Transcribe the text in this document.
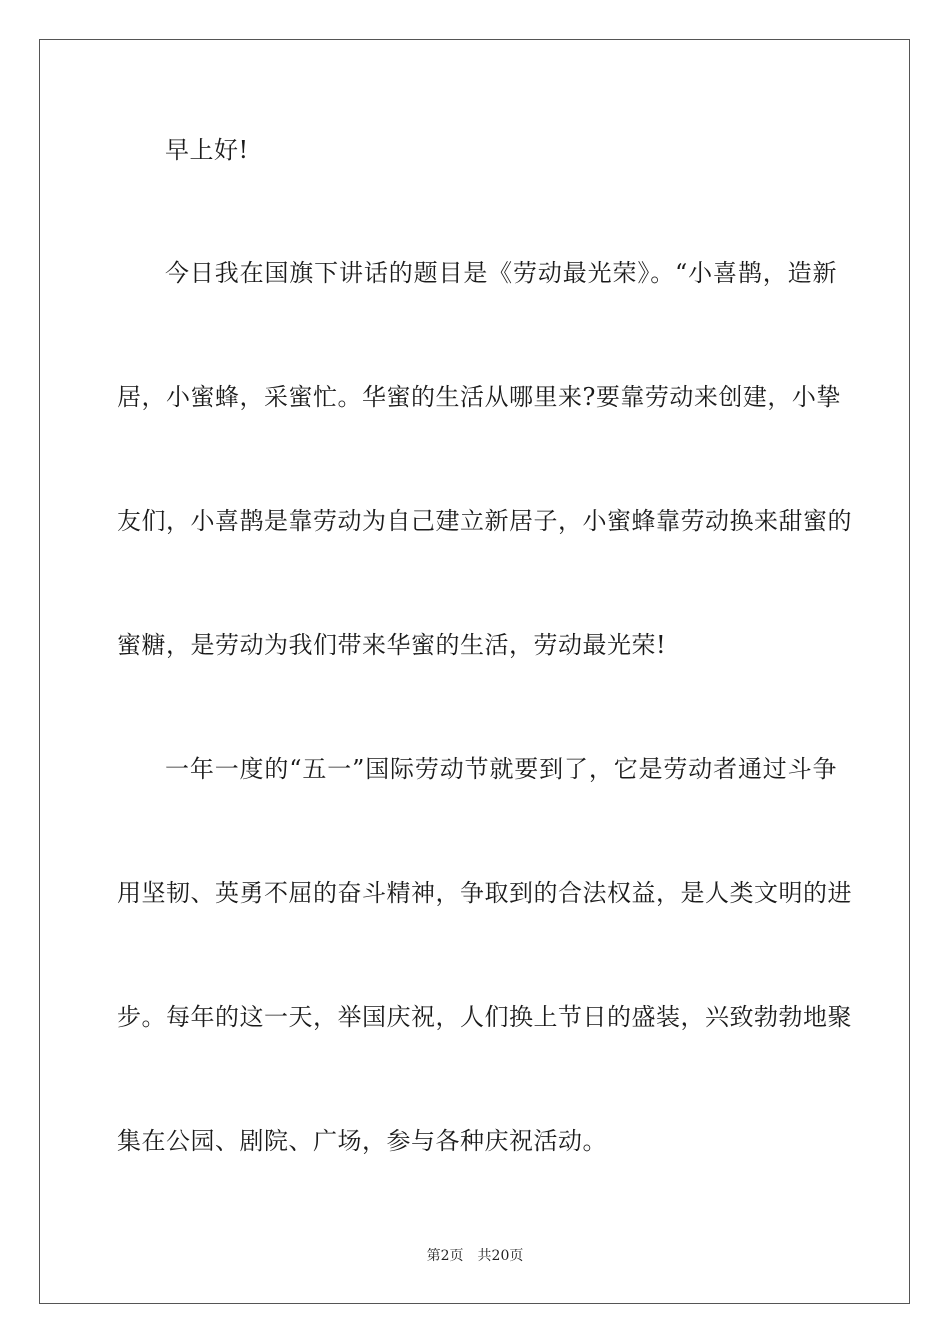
早上好!
今日我在国旗下讲话的题目是《劳动最光荣》。“小喜鹊，造新
居，小蜜蜂，采蜜忙。华蜜的生活从哪里来?要靠劳动来创建，小挚
友们，小喜鹊是靠劳动为自己建立新居子，小蜜蜂靠劳动换来甜蜜的
蜜糖，是劳动为我们带来华蜜的生活，劳动最光荣!
一年一度的“五一”国际劳动节就要到了，它是劳动者通过斗争
用坚韧、英勇不屈的奋斗精神，争取到的合法权益，是人类文明的进
步。每年的这一天，举国庆祝，人们换上节日的盛装，兴致勃勃地聚
集在公园、剧院、广场，参与各种庆祝活动。
第2页 共20页
